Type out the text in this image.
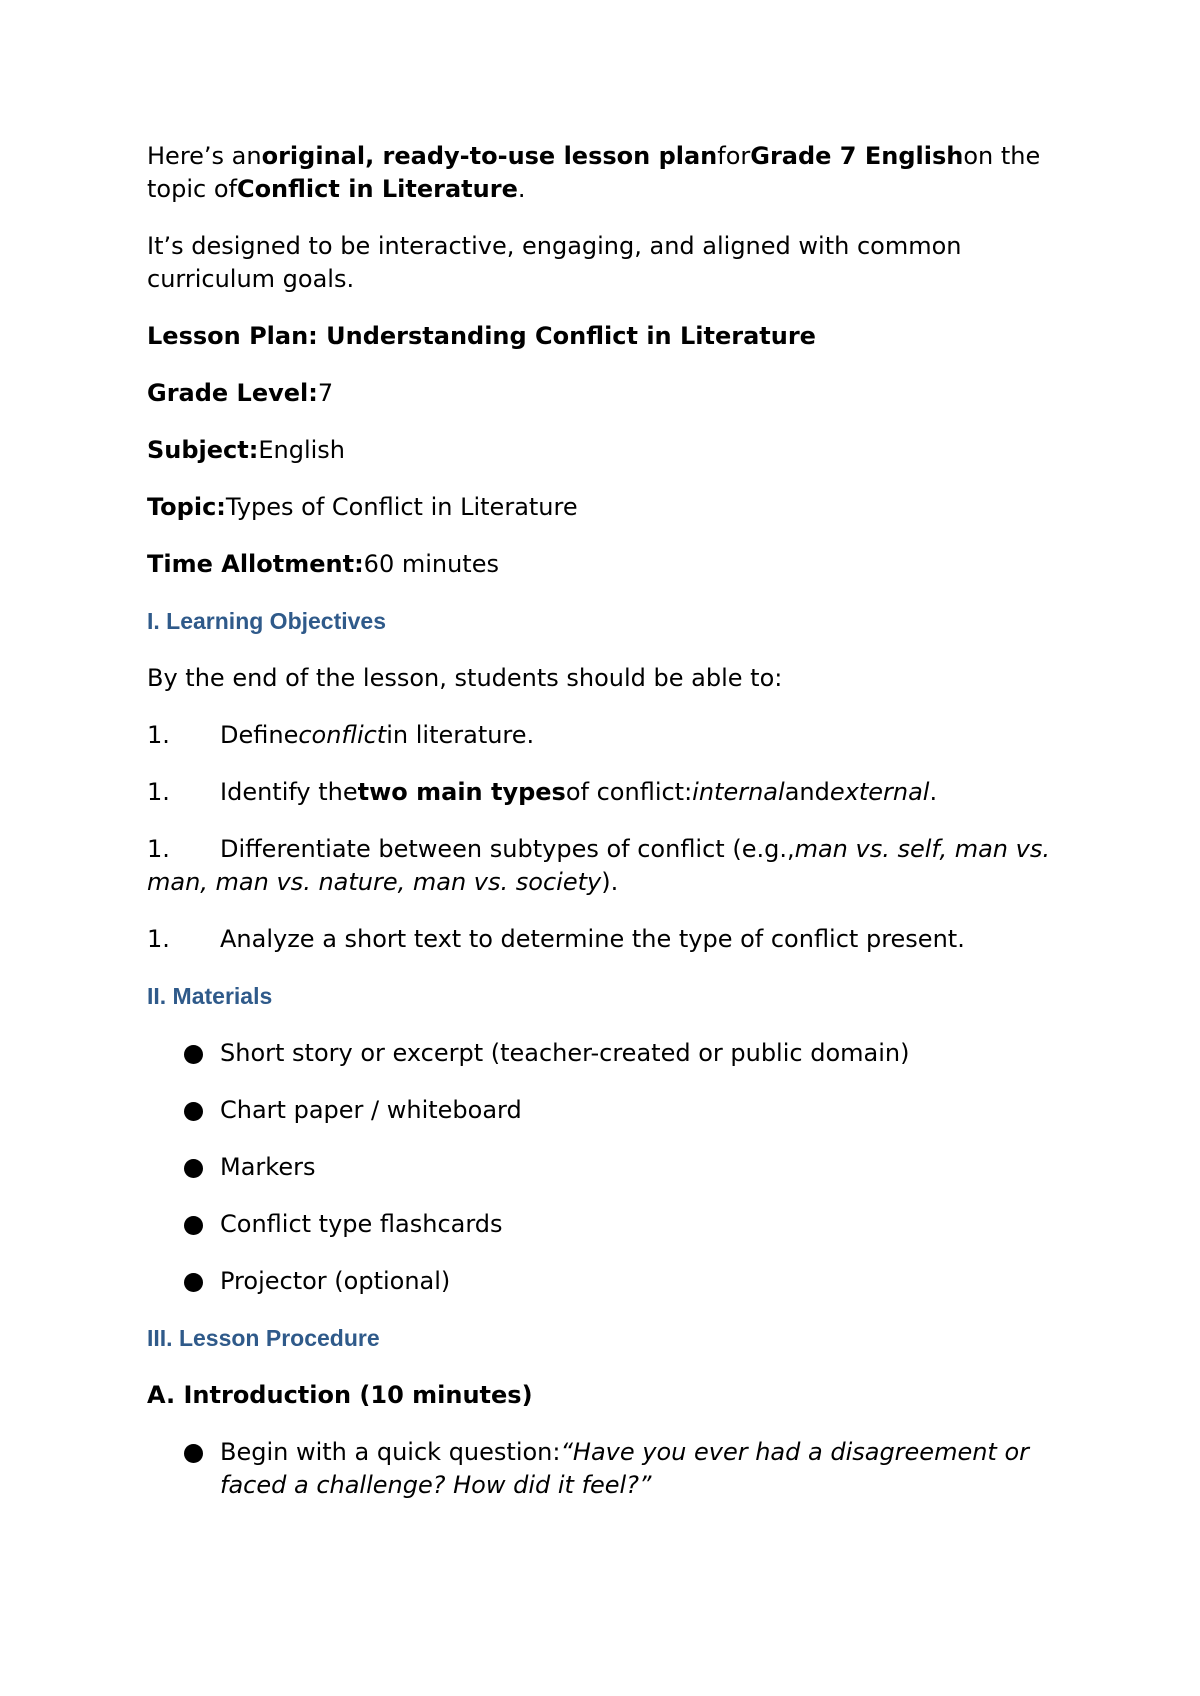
Here’s anoriginal, ready-to-use lesson planforGrade 7 Englishon the topic ofConflict in Literature.

It’s designed to be interactive, engaging, and aligned with common curriculum goals.

Lesson Plan: Understanding Conflict in Literature

Grade Level:7

Subject:English

Topic:Types of Conflict in Literature

Time Allotment:60 minutes

I. Learning Objectives

By the end of the lesson, students should be able to:

1.	Defineconflictin literature.

1.	Identify thetwo main typesof conflict:internalandexternal.

1. Differentiate between subtypes of conflict (e.g.,man vs. self, man vs. man, man vs. nature, man vs. society).

1.	Analyze a short text to determine the type of conflict present.

II. Materials

Short story or excerpt (teacher-created or public domain)

Chart paper / whiteboard

Markers

Conflict type flashcards

Projector (optional)

III. Lesson Procedure

A. Introduction (10 minutes)

Begin with a quick question:“Have you ever had a disagreement or faced a challenge? How did it feel?”
